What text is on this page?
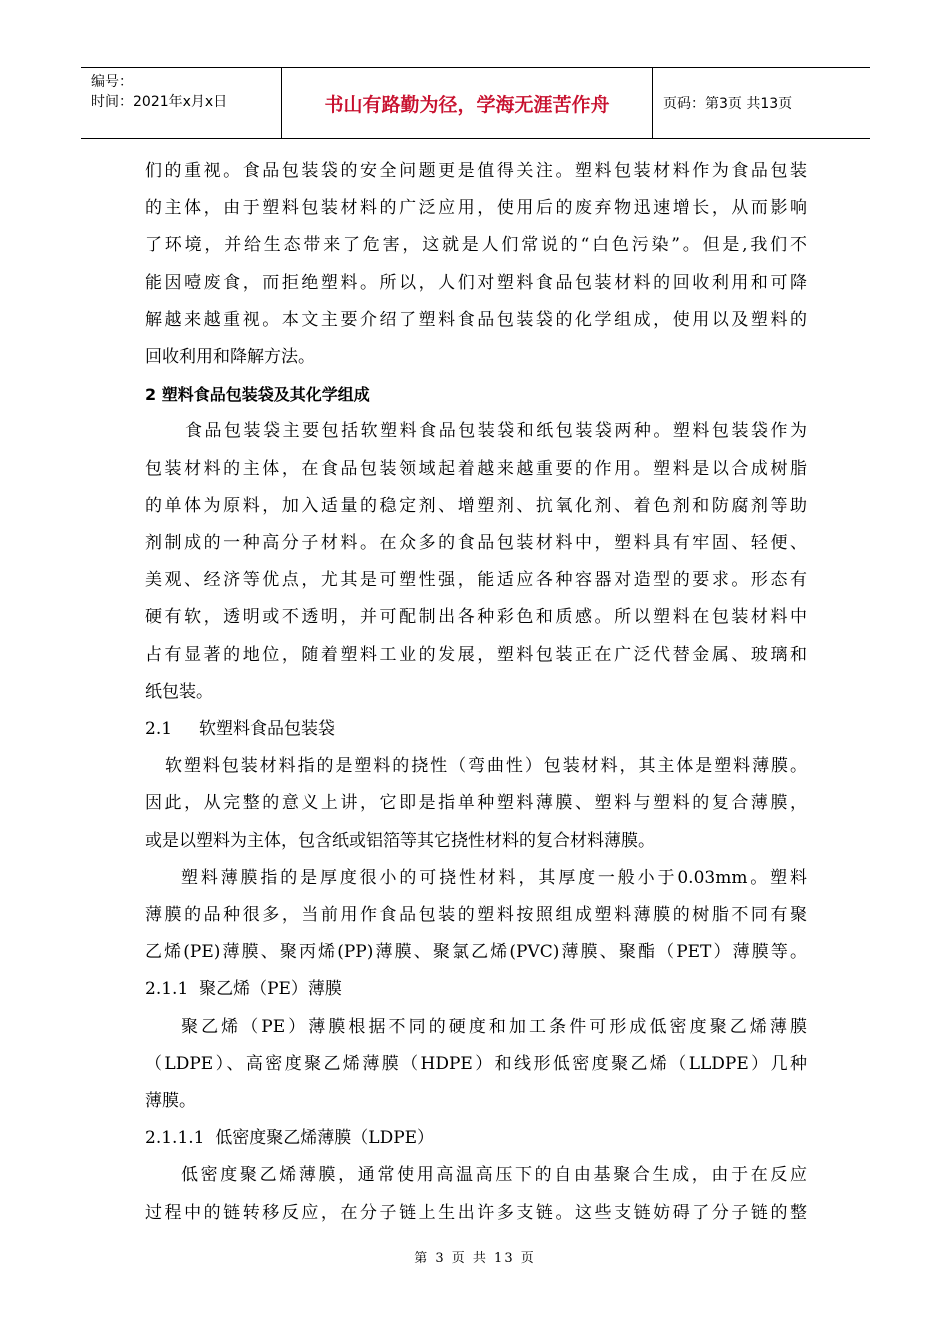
编号：
时间：2021年x月x日	书山有路勤为径，学海无涯苦作舟	页码：第3页 共13页

们的重视。食品包装袋的安全问题更是值得关注。塑料包装材料作为食品包装

的主体，由于塑料包装材料的广泛应用，使用后的废弃物迅速增长，从而影响

了环境，并给生态带来了危害，这就是人们常说的“白色污染”。但是,我们不

能因噎废食，而拒绝塑料。所以，人们对塑料食品包装材料的回收利用和可降

解越来越重视。本文主要介绍了塑料食品包装袋的化学组成，使用以及塑料的

回收利用和降解方法。

2 塑料食品包装袋及其化学组成

食品包装袋主要包括软塑料食品包装袋和纸包装袋两种。塑料包装袋作为

包装材料的主体，在食品包装领域起着越来越重要的作用。塑料是以合成树脂

的单体为原料，加入适量的稳定剂、增塑剂、抗氧化剂、着色剂和防腐剂等助

剂制成的一种高分子材料。在众多的食品包装材料中，塑料具有牢固、轻便、

美观、经济等优点，尤其是可塑性强，能适应各种容器对造型的要求。形态有

硬有软，透明或不透明，并可配制出各种彩色和质感。所以塑料在包装材料中

占有显著的地位，随着塑料工业的发展，塑料包装正在广泛代替金属、玻璃和

纸包装。

2.1     软塑料食品包装袋

软塑料包装材料指的是塑料的挠性（弯曲性）包装材料，其主体是塑料薄膜。

因此，从完整的意义上讲，它即是指单种塑料薄膜、塑料与塑料的复合薄膜，

或是以塑料为主体，包含纸或铝箔等其它挠性材料的复合材料薄膜。

塑料薄膜指的是厚度很小的可挠性材料，其厚度一般小于0.03mm。塑料

薄膜的品种很多，当前用作食品包装的塑料按照组成塑料薄膜的树脂不同有聚

乙烯(PE)薄膜、聚丙烯(PP)薄膜、聚氯乙烯(PVC)薄膜、聚酯（PET）薄膜等。

2.1.1  聚乙烯（PE）薄膜

聚乙烯（PE）薄膜根据不同的硬度和加工条件可形成低密度聚乙烯薄膜

（LDPE）、高密度聚乙烯薄膜（HDPE）和线形低密度聚乙烯（LLDPE）几种

薄膜。

2.1.1.1  低密度聚乙烯薄膜（LDPE）

低密度聚乙烯薄膜，通常使用高温高压下的自由基聚合生成，由于在反应

过程中的链转移反应，在分子链上生出许多支链。这些支链妨碍了分子链的整

第 3 页 共 13 页
